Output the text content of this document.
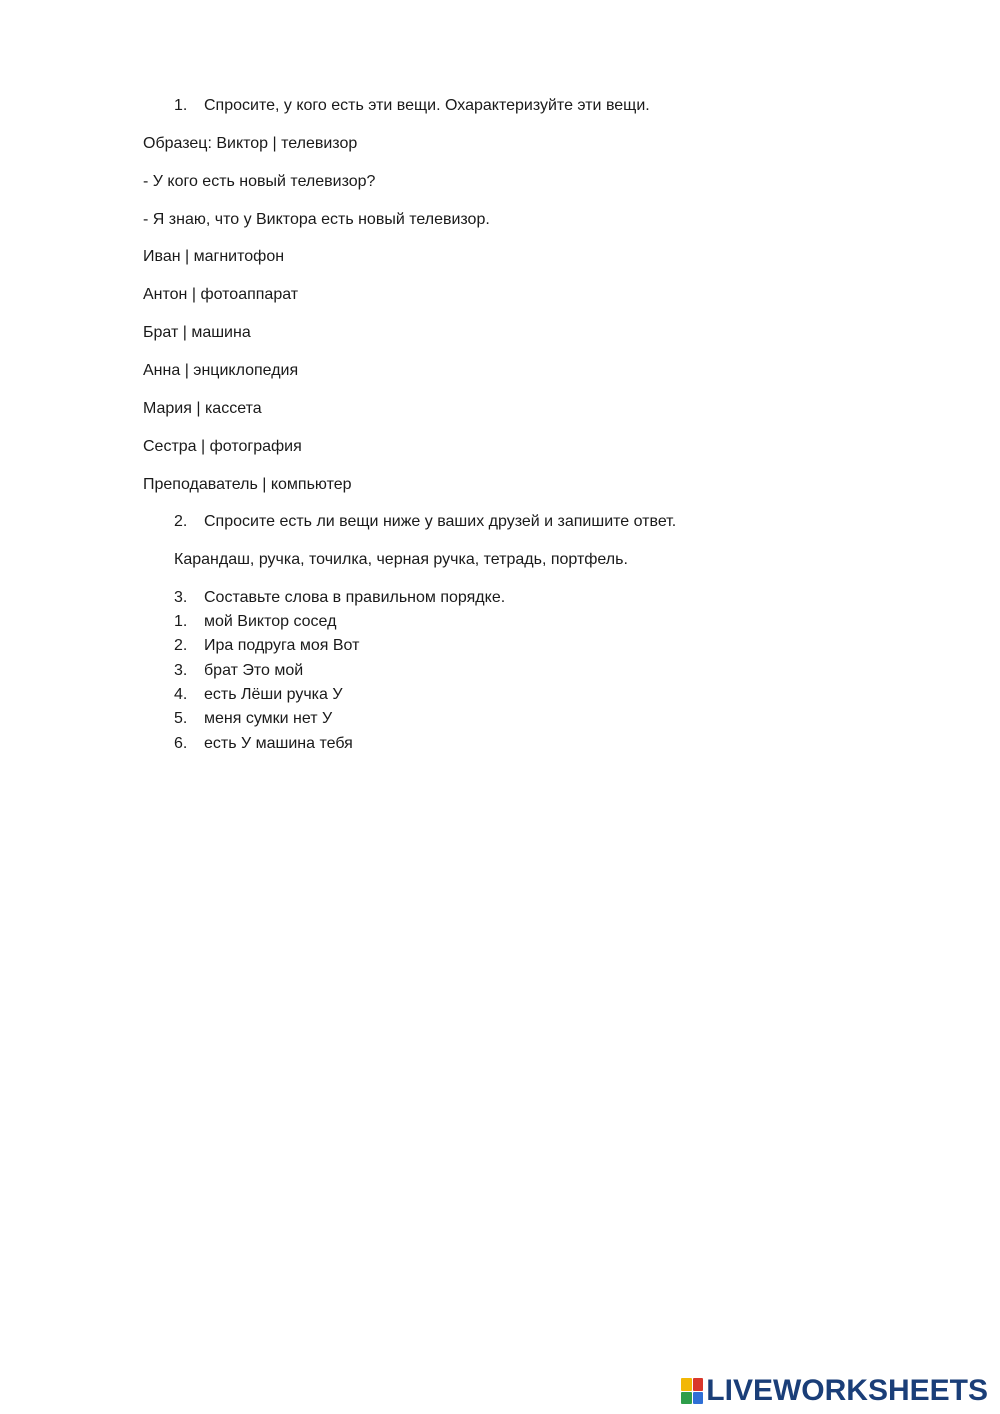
1.	Спросите, у кого есть эти вещи. Охарактеризуйте эти вещи.
Образец: Виктор | телевизор
- У кого есть новый телевизор?
- Я знаю, что у Виктора есть новый телевизор.
Иван | магнитофон
Антон | фотоаппарат
Брат | машина
Анна | энциклопедия
Мария | кассета
Сестра | фотография
Преподаватель | компьютер
2.	Спросите есть ли вещи ниже у ваших друзей и запишите ответ.
Карандаш, ручка, точилка, черная ручка, тетрадь, портфель.
3.	Составьте слова в правильном порядке.
1.	мой Виктор сосед
2.	Ира подруга моя Вот
3.	брат Это мой
4.	есть Лёши ручка У
5.	меня сумки нет У
6.	есть У машина тебя
LIVEWORKSHEETS
